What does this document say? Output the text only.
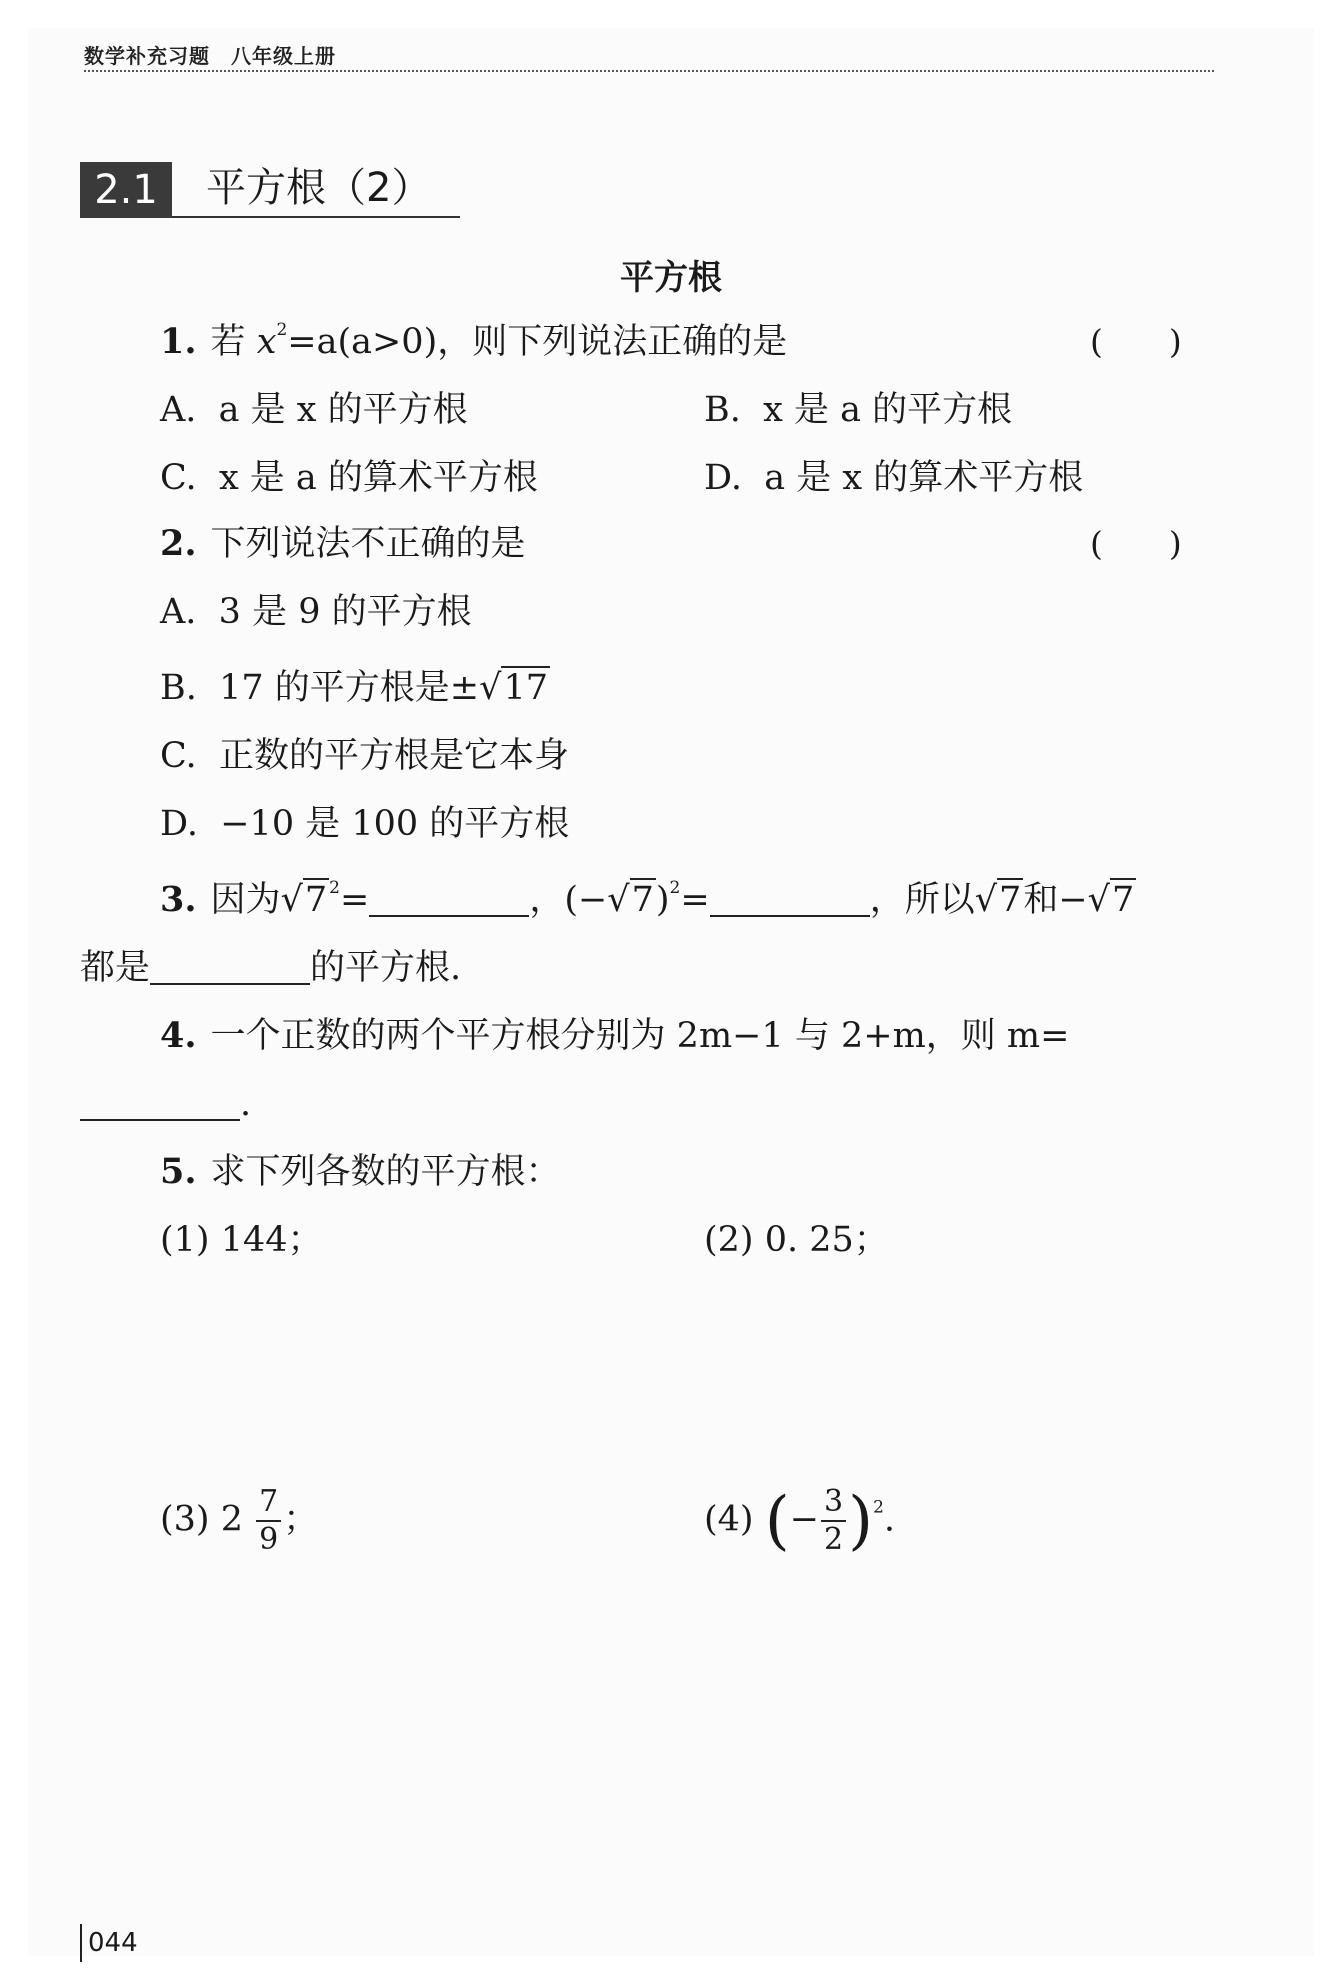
数学补充习题　八年级上册
2.1	平方根（2）
平方根
1. 若 $x^2=a(a>0)$，则下列说法正确的是	(　　)
A. a 是 x 的平方根	B. x 是 a 的平方根
C. x 是 a 的算术平方根	D. a 是 x 的算术平方根
2. 下列说法不正确的是	(　　)
A. 3 是 9 的平方根
B. 17 的平方根是±√17
C. 正数的平方根是它本身
D. −10 是 100 的平方根
3. 因为√7 $^2$=	，$(-√7)^2=$	，所以√7和−√7
都是	的平方根.
4. 一个正数的两个平方根分别为 2m−1 与 2+m，则 m=
.
5. 求下列各数的平方根：
(1) 144；	(2) 0. 25；
(3) $2 \frac{7}{9}$ ；	(4) (− $\frac{3}{2} )^2$.
044
